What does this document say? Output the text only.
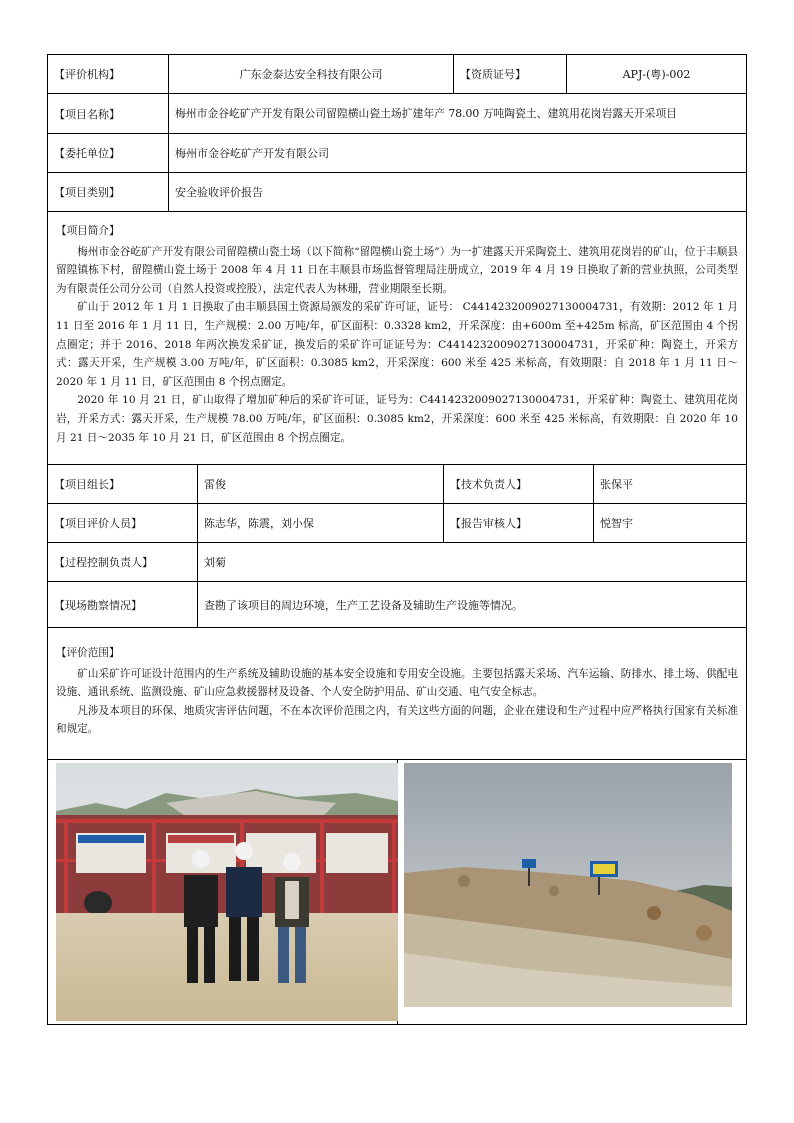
【评价机构】	广东金泰达安全科技有限公司	【资质证号】	APJ-(粤)-002
【项目名称】	梅州市金谷屹矿产开发有限公司留隍横山瓷土场扩建年产 78.00 万吨陶瓷土、建筑用花岗岩露天开采项目
【委托单位】	梅州市金谷屹矿产开发有限公司
【项目类别】	安全验收评价报告
【项目简介】

梅州市金谷屹矿产开发有限公司留隍横山瓷土场（以下简称“留隍横山瓷土场”）为一扩建露天开采陶瓷土、建筑用花岗岩的矿山，位于丰顺县留隍镇栋下村，留隍横山瓷土场于 2008 年 4 月 11 日在丰顺县市场监督管理局注册成立，2019 年 4 月 19 日换取了新的营业执照，公司类型为有限责任公司分公司（自然人投资或控股），法定代表人为林珊，营业期限至长期。

矿山于 2012 年 1 月 1 日换取了由丰顺县国土资源局颁发的采矿许可证，证号： C4414232009027130004731，有效期：2012 年 1 月 11 日至 2016 年 1 月 11 日，生产规模：2.00 万吨/年，矿区面积：0.3328 km2，开采深度：由+600m 至+425m 标高，矿区范围由 4 个拐点圈定；并于 2016、2018 年两次换发采矿证，换发后的采矿许可证证号为：C4414232009027130004731，开采矿种：陶瓷土，开采方式：露天开采，生产规模 3.00 万吨/年，矿区面积：0.3085 km2，开采深度：600 米至 425 米标高，有效期限：自 2018 年 1 月 11 日～2020 年 1 月 11 日，矿区范围由 8 个拐点圈定。

2020 年 10 月 21 日，矿山取得了增加矿种后的采矿许可证，证号为：C4414232009027130004731，开采矿种：陶瓷土、建筑用花岗岩，开采方式：露天开采，生产规模 78.00 万吨/年，矿区面积：0.3085 km2，开采深度：600 米至 425 米标高，有效期限：自 2020 年 10 月 21 日～2035 年 10 月 21 日，矿区范围由 8 个拐点圈定。

【项目组长】	雷俊	【技术负责人】	张保平
【项目评价人员】	陈志华，陈震，刘小保	【报告审核人】	悦智宇
【过程控制负责人】	刘菊
【现场勘察情况】	查勘了该项目的周边环境，生产工艺设备及辅助生产设施等情况。
【评价范围】

矿山采矿许可证设计范围内的生产系统及辅助设施的基本安全设施和专用安全设施。主要包括露天采场、汽车运输、防排水、排土场、供配电设施、通讯系统、监测设施、矿山应急救援器材及设备、个人安全防护用品、矿山交通、电气安全标志。

凡涉及本项目的环保、地质灾害评估问题，不在本次评价范围之内，有关这些方面的问题，企业在建设和生产过程中应严格执行国家有关标准和规定。
